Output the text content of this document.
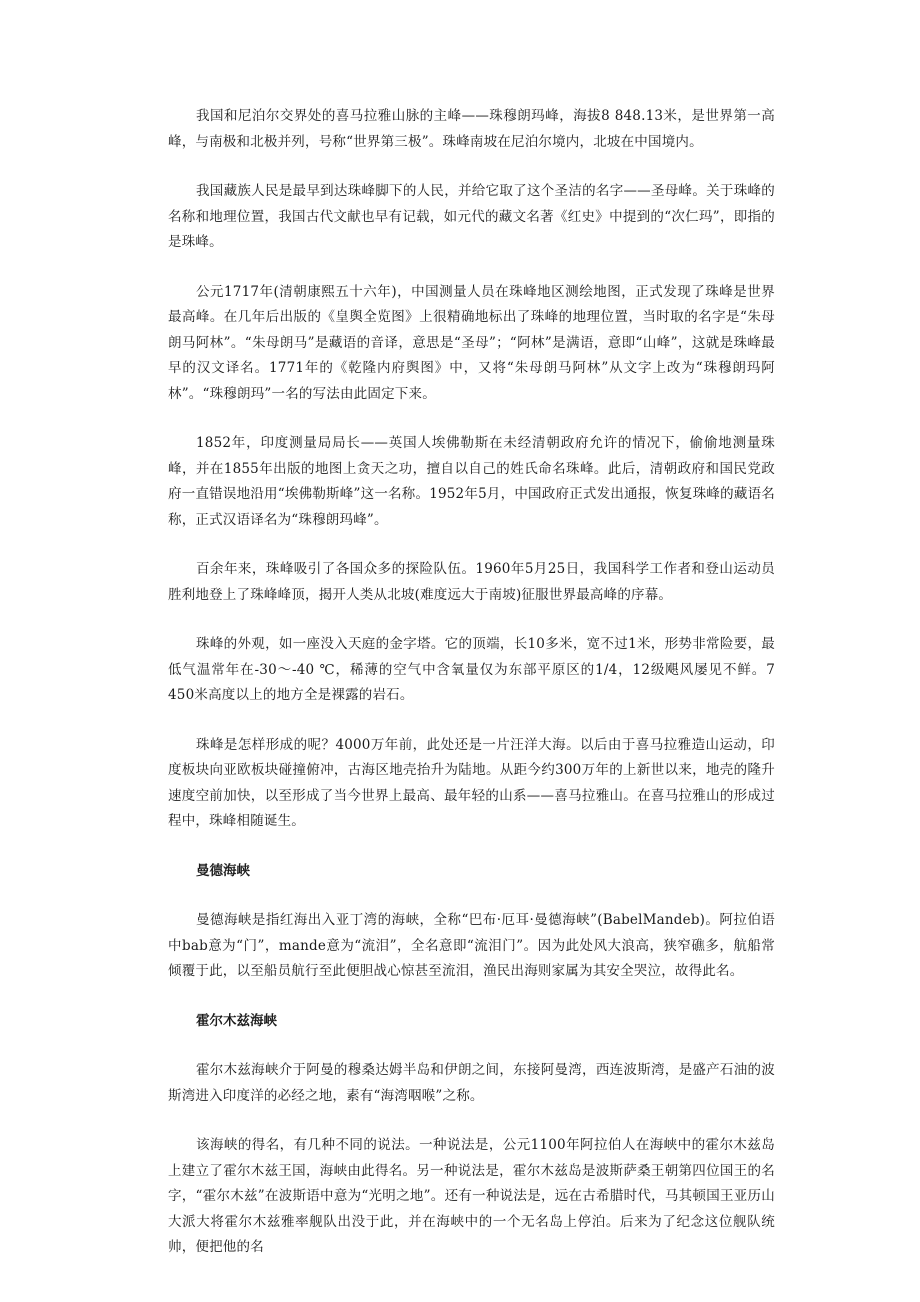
我国和尼泊尔交界处的喜马拉雅山脉的主峰——珠穆朗玛峰，海拔8 848.13米，是世界第一高峰，与南极和北极并列，号称“世界第三极”。珠峰南坡在尼泊尔境内，北坡在中国境内。

我国藏族人民是最早到达珠峰脚下的人民，并给它取了这个圣洁的名字——圣母峰。关于珠峰的名称和地理位置，我国古代文献也早有记载，如元代的藏文名著《红史》中提到的“次仁玛”，即指的是珠峰。

公元1717年(清朝康熙五十六年)，中国测量人员在珠峰地区测绘地图，正式发现了珠峰是世界最高峰。在几年后出版的《皇舆全览图》上很精确地标出了珠峰的地理位置，当时取的名字是“朱母朗马阿林”。“朱母朗马”是藏语的音译，意思是“圣母”；“阿林”是满语，意即“山峰”，这就是珠峰最早的汉文译名。1771年的《乾隆内府舆图》中，又将“朱母朗马阿林”从文字上改为“珠穆朗玛阿林”。“珠穆朗玛”一名的写法由此固定下来。

1852年，印度测量局局长——英国人埃佛勒斯在未经清朝政府允许的情况下，偷偷地测量珠峰，并在1855年出版的地图上贪天之功，擅自以自己的姓氏命名珠峰。此后，清朝政府和国民党政府一直错误地沿用“埃佛勒斯峰”这一名称。1952年5月，中国政府正式发出通报，恢复珠峰的藏语名称，正式汉语译名为“珠穆朗玛峰”。

百余年来，珠峰吸引了各国众多的探险队伍。1960年5月25日，我国科学工作者和登山运动员胜利地登上了珠峰峰顶，揭开人类从北坡(难度远大于南坡)征服世界最高峰的序幕。

珠峰的外观，如一座没入天庭的金字塔。它的顶端，长10多米，宽不过1米，形势非常险要，最低气温常年在-30～-40 ℃，稀薄的空气中含氧量仅为东部平原区的1/4，12级飓风屡见不鲜。7 450米高度以上的地方全是裸露的岩石。

珠峰是怎样形成的呢？4000万年前，此处还是一片汪洋大海。以后由于喜马拉雅造山运动，印度板块向亚欧板块碰撞俯冲，古海区地壳抬升为陆地。从距今约300万年的上新世以来，地壳的隆升速度空前加快，以至形成了当今世界上最高、最年轻的山系——喜马拉雅山。在喜马拉雅山的形成过程中，珠峰相随诞生。

曼德海峡

曼德海峡是指红海出入亚丁湾的海峡，全称“巴布·厄耳·曼德海峡”(BabelMandeb)。阿拉伯语中bab意为“门”，mande意为“流泪”，全名意即“流泪门”。因为此处风大浪高，狭窄礁多，航船常倾覆于此，以至船员航行至此便胆战心惊甚至流泪，渔民出海则家属为其安全哭泣，故得此名。

霍尔木兹海峡

霍尔木兹海峡介于阿曼的穆桑达姆半岛和伊朗之间，东接阿曼湾，西连波斯湾，是盛产石油的波斯湾进入印度洋的必经之地，素有“海湾咽喉”之称。

该海峡的得名，有几种不同的说法。一种说法是，公元1100年阿拉伯人在海峡中的霍尔木兹岛上建立了霍尔木兹王国，海峡由此得名。另一种说法是，霍尔木兹岛是波斯萨桑王朝第四位国王的名字，“霍尔木兹”在波斯语中意为“光明之地”。还有一种说法是，远在古希腊时代，马其顿国王亚历山大派大将霍尔木兹雅率舰队出没于此，并在海峡中的一个无名岛上停泊。后来为了纪念这位舰队统帅，便把他的名
